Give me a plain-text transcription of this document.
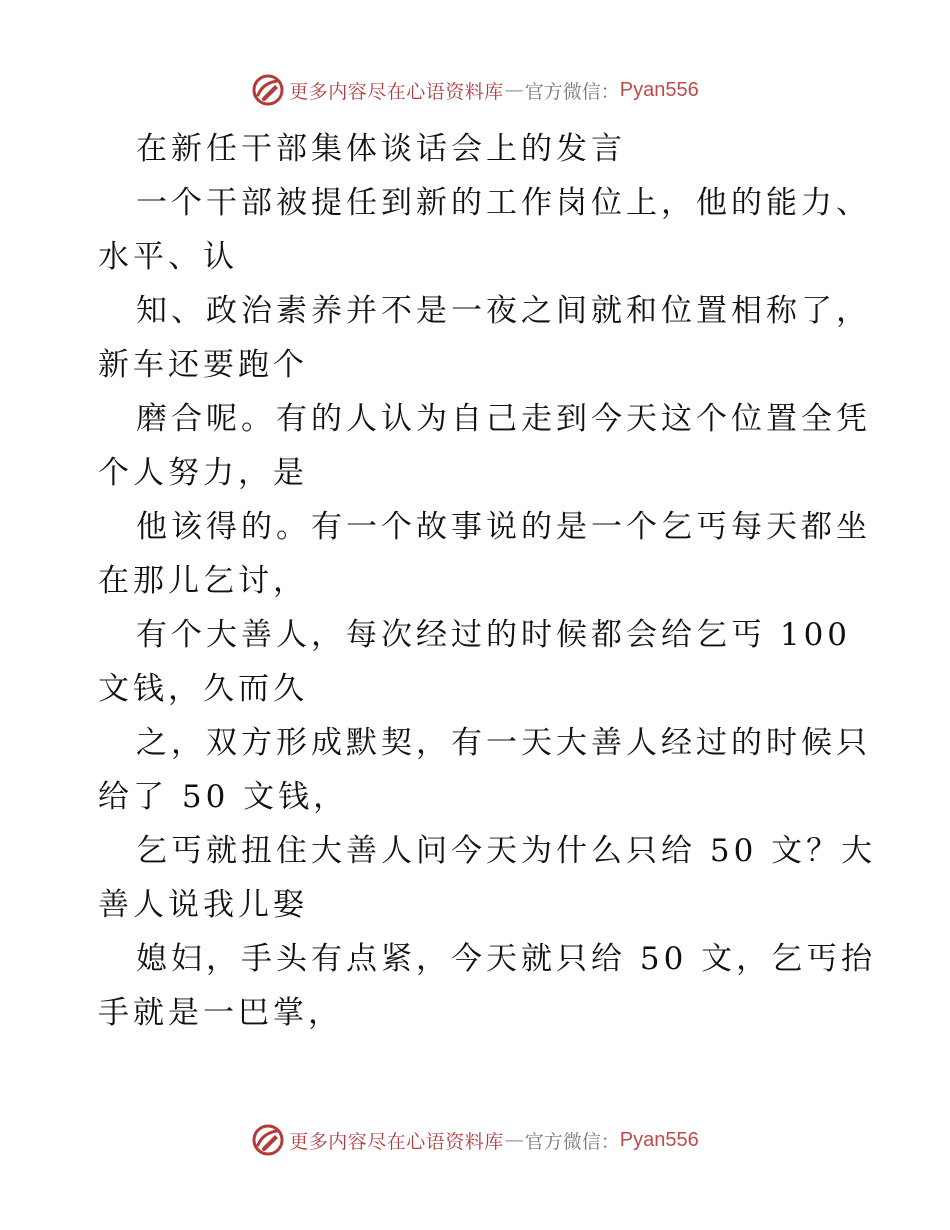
更多内容尽在心语资料库 — 官方微信： Pyan556
在新任干部集体谈话会上的发言
一个干部被提任到新的工作岗位上，他的能力、
水平、认
知、政治素养并不是一夜之间就和位置相称了，
新车还要跑个
磨合呢。有的人认为自己走到今天这个位置全凭
个人努力，是
他该得的。有一个故事说的是一个乞丐每天都坐
在那儿乞讨，
有个大善人，每次经过的时候都会给乞丐 100
文钱，久而久
之，双方形成默契，有一天大善人经过的时候只
给了 50 文钱，
乞丐就扭住大善人问今天为什么只给 50 文？大
善人说我儿娶
媳妇，手头有点紧，今天就只给 50 文，乞丐抬
手就是一巴掌，
更多内容尽在心语资料库 — 官方微信： Pyan556
